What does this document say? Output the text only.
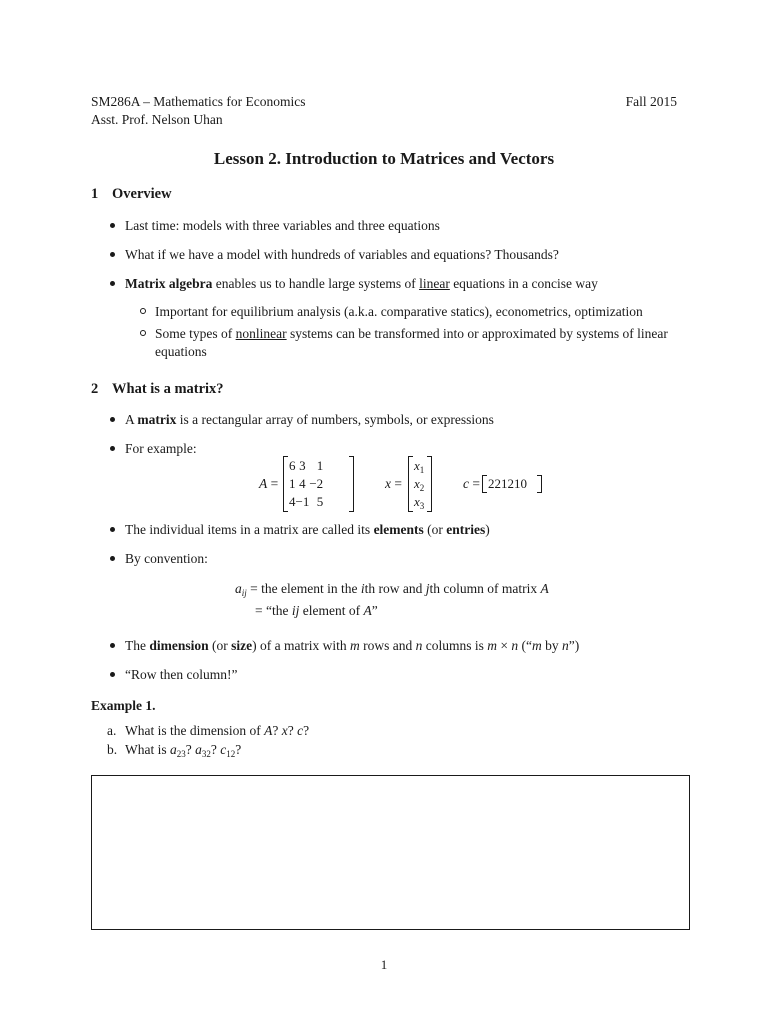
SM286A – Mathematics for Economics
Asst. Prof. Nelson Uhan
Fall 2015
Lesson 2. Introduction to Matrices and Vectors
1 Overview
Last time: models with three variables and three equations
What if we have a model with hundreds of variables and equations? Thousands?
Matrix algebra enables us to handle large systems of linear equations in a concise way
Important for equilibrium analysis (a.k.a. comparative statics), econometrics, optimization
Some types of nonlinear systems can be transformed into or approximated by systems of linear
equations
2 What is a matrix?
A matrix is a rectangular array of numbers, symbols, or expressions
For example:
A =
6	3	1
1	4	−2
4	−1	5
x =
$x_1$
$x_2$
$x_3$
c = 22	12	10
The individual items in a matrix are called its elements (or entries)
By convention:
$a_{ij}$ = the element in the ith row and jth column of matrix A
= “the ij element of A”
The dimension (or size) of a matrix with m rows and n columns is m × n (“m by n”)
“Row then column!”
Example 1.
a. What is the dimension of A? x? c?
b. What is $a_{23}$? $a_{32}$? $c_{12}$?
1
